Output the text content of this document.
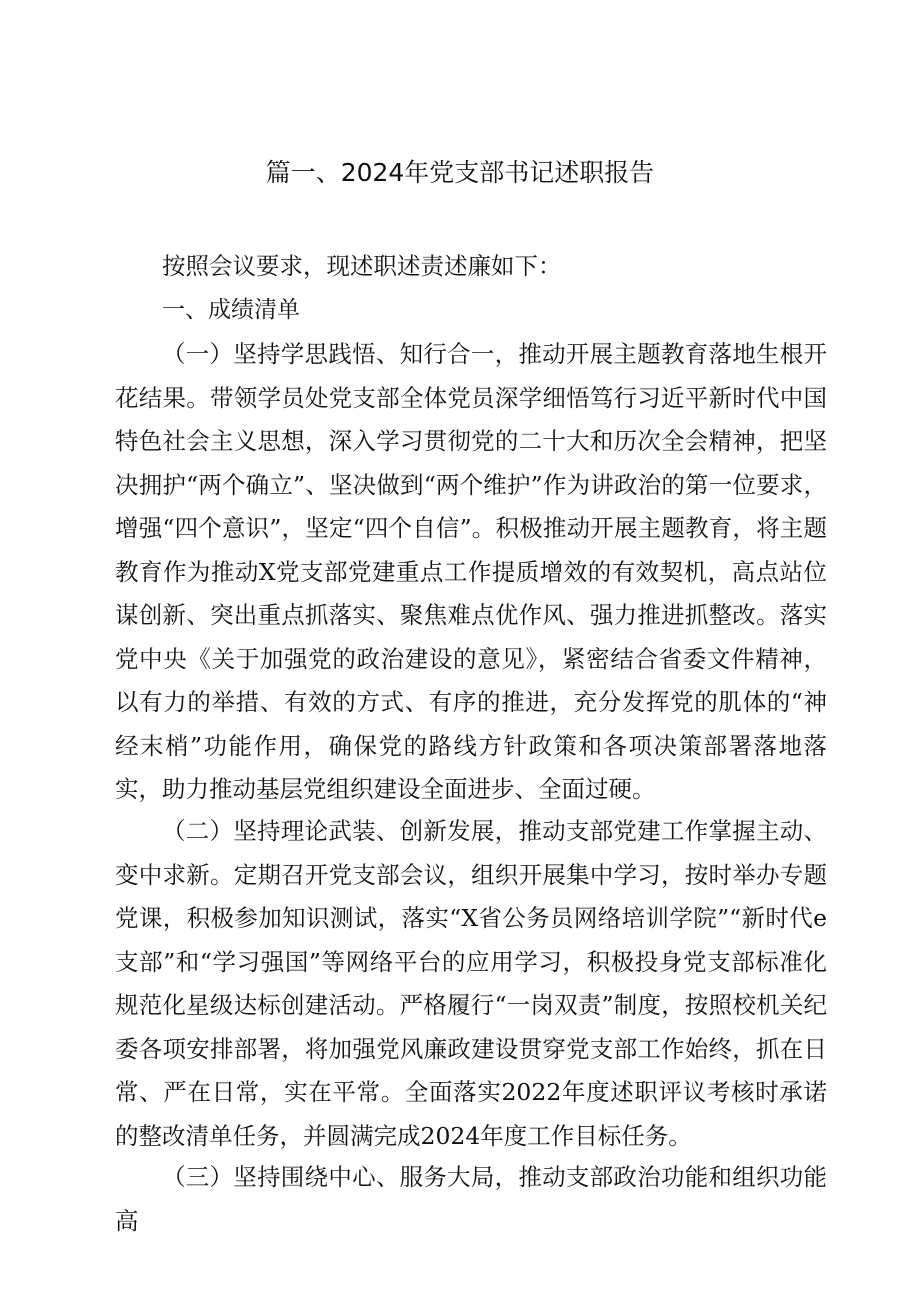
篇一、2024年党支部书记述职报告

按照会议要求，现述职述责述廉如下：

一、成绩清单

（一）坚持学思践悟、知行合一，推动开展主题教育落地生根开花结果。带领学员处党支部全体党员深学细悟笃行习近平新时代中国特色社会主义思想，深入学习贯彻党的二十大和历次全会精神，把坚决拥护“两个确立”、坚决做到“两个维护”作为讲政治的第一位要求，增强“四个意识”，坚定“四个自信”。积极推动开展主题教育，将主题教育作为推动X党支部党建重点工作提质增效的有效契机，高点站位谋创新、突出重点抓落实、聚焦难点优作风、强力推进抓整改。落实党中央《关于加强党的政治建设的意见》，紧密结合省委文件精神，以有力的举措、有效的方式、有序的推进，充分发挥党的肌体的“神经末梢”功能作用，确保党的路线方针政策和各项决策部署落地落实，助力推动基层党组织建设全面进步、全面过硬。

（二）坚持理论武装、创新发展，推动支部党建工作掌握主动、变中求新。定期召开党支部会议，组织开展集中学习，按时举办专题党课，积极参加知识测试，落实“X省公务员网络培训学院”“新时代e支部”和“学习强国”等网络平台的应用学习，积极投身党支部标准化规范化星级达标创建活动。严格履行“一岗双责”制度，按照校机关纪委各项安排部署，将加强党风廉政建设贯穿党支部工作始终，抓在日常、严在日常，实在平常。全面落实2022年度述职评议考核时承诺的整改清单任务，并圆满完成2024年度工作目标任务。

（三）坚持围绕中心、服务大局，推动支部政治功能和组织功能高
